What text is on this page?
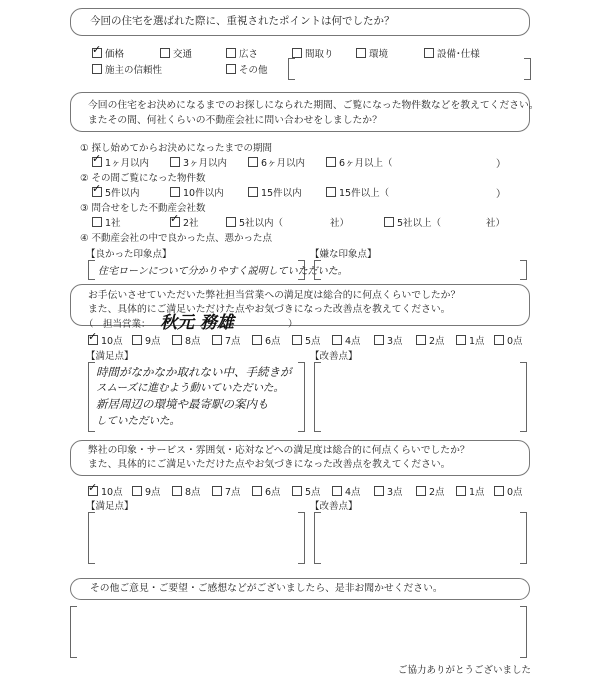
今回の住宅を選ばれた際に、重視されたポイントは何でしたか？
✓価格	交通	広さ	間取り	環境	設備･仕様
施主の信頼性	その他
今回の住宅をお決めになるまでのお探しになられた期間、ご覧になった物件数などを教えてください。
またその間、何社くらいの不動産会社に問い合わせをしましたか？
① 探し始めてからお決めになったまでの期間
✓1ヶ月以内	3ヶ月以内	6ヶ月以内	6ヶ月以上（	）
② その間ご覧になった物件数
✓5件以内	10件以内	15件以内	15件以上（	）
③ 問合せをした不動産会社数
1社
✓	2社	5社以内（	社）	5社以上（	社）
④ 不動産会社の中で良かった点、悪かった点
【良かった印象点】	【嫌な印象点】
住宅ローンについて分かりやすく説明していただいた。
お手伝いさせていただいた弊社担当営業への満足度は総合的に何点くらいでしたか？
また、具体的にご満足いただけた点やお気づきになった改善点を教えてください。
（　担当営業： 秋元 務雄	）
✓10点	9点	8点	7点	6点	5点	4点	3点	2点	1点	0点
【満足点】	【改善点】
時間がなかなか取れない中、手続きが
スムーズに進むよう動いていただいた。
新居周辺の環境や最寄駅の案内も
していただいた。
弊社の印象・サービス・雰囲気・応対などへの満足度は総合的に何点くらいでしたか？
また、具体的にご満足いただけた点やお気づきになった改善点を教えてください。
✓10点	9点	8点	7点	6点	5点	4点	3点	2点	1点	0点
【満足点】	【改善点】
その他ご意見・ご要望・ご感想などがございましたら、是非お聞かせください。
ご協力ありがとうございました
